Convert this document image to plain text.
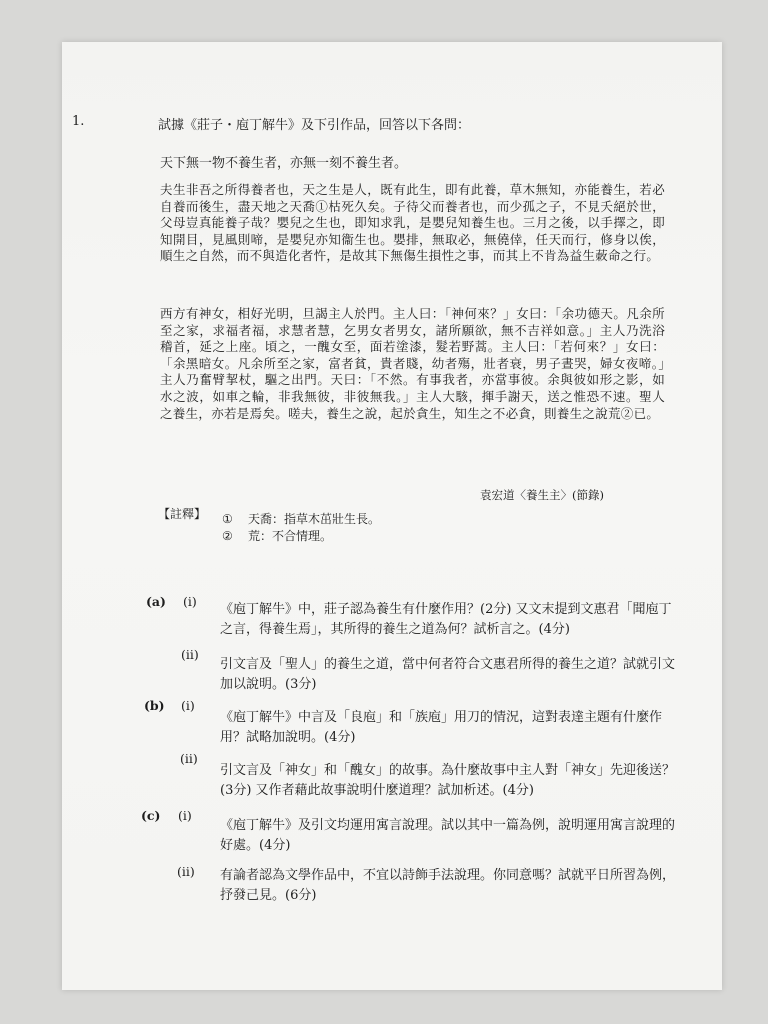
1.	試據《莊子・庖丁解牛》及下引作品，回答以下各問：
天下無一物不養生者，亦無一刻不養生者。
夫生非吾之所得養者也，天之生是人，既有此生，即有此養，草木無知，亦能養生，若必自養而後生，盡天地之天喬①枯死久矣。子待父而養者也，而少孤之子，不見夭絕於世，父母豈真能養子哉？嬰兒之生也，即知求乳，是嬰兒知養生也。三月之後，以手擇之，即知開目，見風則啼，是嬰兒亦知衞生也。嬰排，無取必，無僥倖，任天而行，修身以俟，順生之自然，而不與造化者忤，是故其下無傷生損性之事，而其上不肯為益生蓛命之行。
西方有神女，相好光明，旦謁主人於門。主人曰：「神何來？」女曰：「余功德天。凡余所至之家，求福者福，求慧者慧，乞男女者男女，諸所願欲，無不吉祥如意。」主人乃洗浴稽首，延之上座。頃之，一醜女至，面若塗漆，髮若野蒿。主人曰：「若何來？」女曰：「余黑暗女。凡余所至之家，富者貧，貴者賤，幼者殤，壯者衰，男子晝哭，婦女夜啼。」主人乃奮臂挈杖，驅之出門。天曰：「不然。有事我者，亦當事彼。余與彼如形之影，如水之波，如車之輪，非我無彼，非彼無我。」主人大駭，揮手謝天，送之惟恐不速。聖人之養生，亦若是焉矣。嗟夫，養生之說，起於貪生，知生之不必貪，則養生之說荒②已。
袁宏道〈養生主〉(節錄)
【註釋】 ① 天喬：指草木茁壯生長。
② 荒：不合情理。
(a) (i)
《庖丁解牛》中，莊子認為養生有什麼作用？(2分) 又文末提到文惠君「聞庖丁之言，得養生焉」，其所得的養生之道為何？試析言之。(4分)
(ii)
引文言及「聖人」的養生之道，當中何者符合文惠君所得的養生之道？試就引文加以說明。(3分)
(b) (i)
《庖丁解牛》中言及「良庖」和「族庖」用刀的情況，這對表達主題有什麼作用？試略加說明。(4分)
(ii)
引文言及「神女」和「醜女」的故事。為什麼故事中主人對「神女」先迎後送？(3分) 又作者藉此故事說明什麼道理？試加析述。(4分)
(c) (i)
《庖丁解牛》及引文均運用寓言說理。試以其中一篇為例，說明運用寓言說理的好處。(4分)
(ii) 有論者認為文學作品中，不宜以詩飾手法說理。你同意嗎？試就平日所習為例，抒發己見。(6分)
